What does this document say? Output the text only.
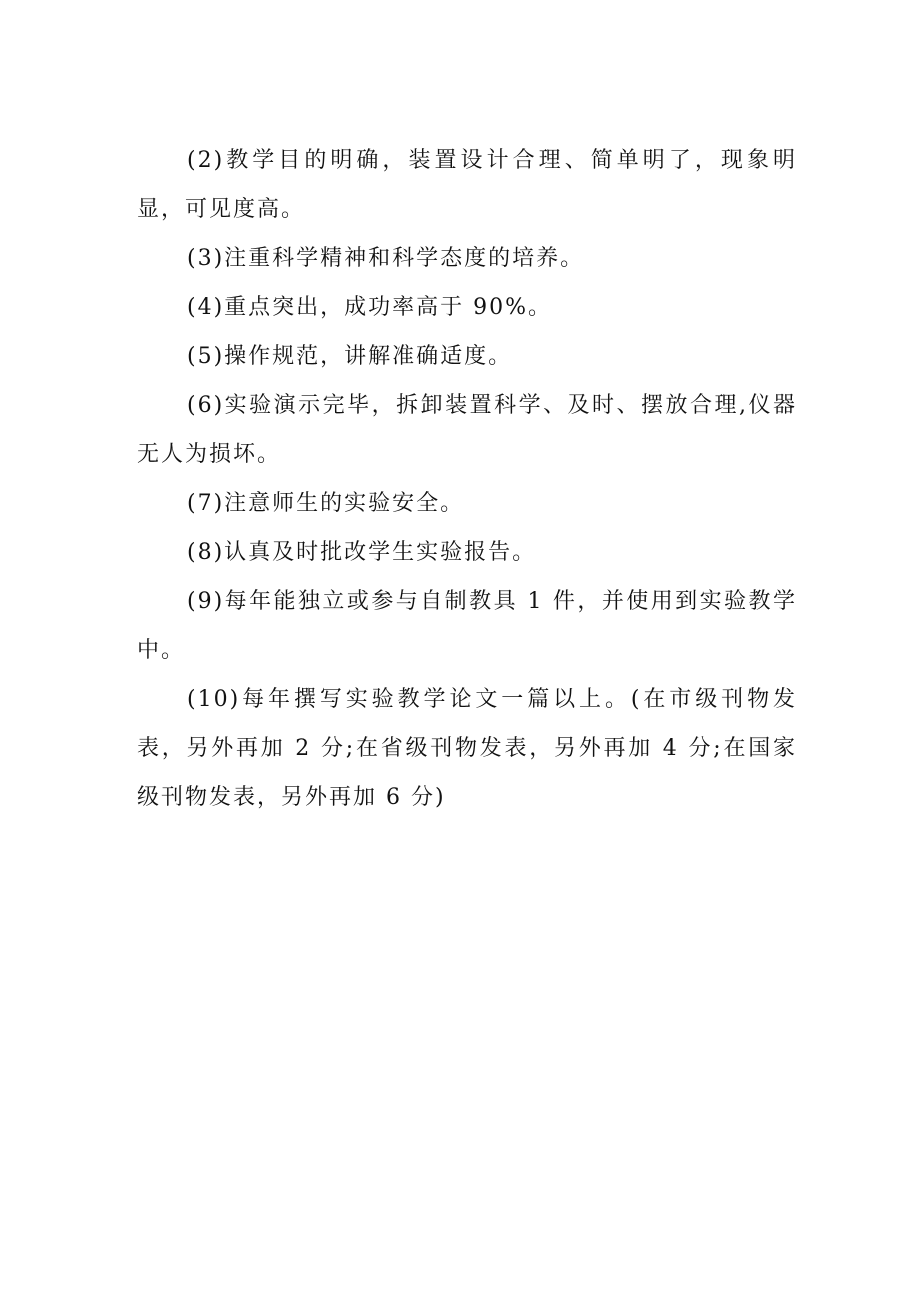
(2)教学目的明确，装置设计合理、简单明了，现象明显，可见度高。

(3)注重科学精神和科学态度的培养。

(4)重点突出，成功率高于 90%。

(5)操作规范，讲解准确适度。

(6)实验演示完毕，拆卸装置科学、及时、摆放合理,仪器无人为损坏。

(7)注意师生的实验安全。

(8)认真及时批改学生实验报告。

(9)每年能独立或参与自制教具 1 件，并使用到实验教学中。

(10)每年撰写实验教学论文一篇以上。(在市级刊物发表，另外再加 2 分;在省级刊物发表，另外再加 4 分;在国家级刊物发表，另外再加 6 分)
